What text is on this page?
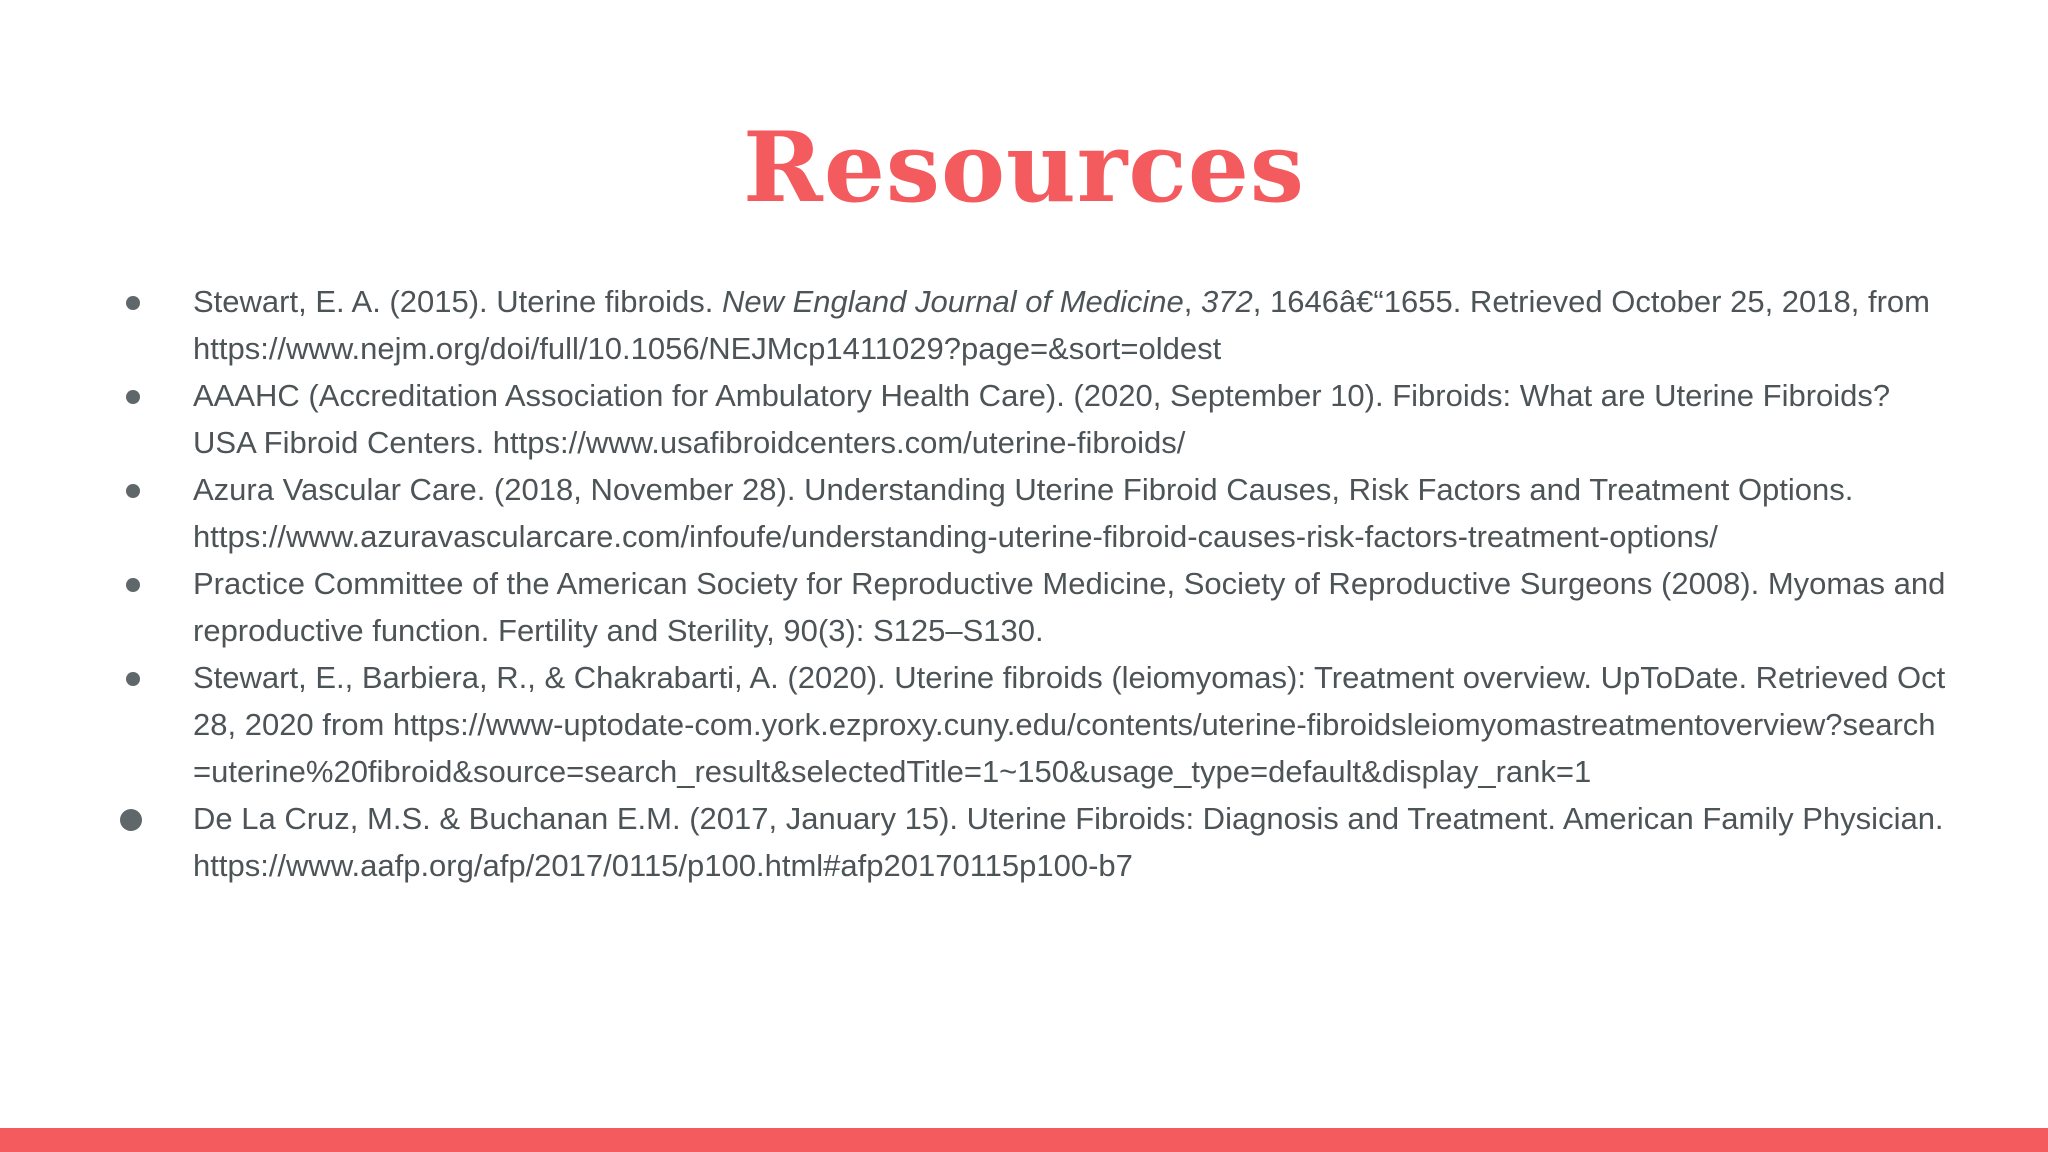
Resources
Stewart, E. A. (2015). Uterine fibroids. New England Journal of Medicine, 372, 1646â€“1655. Retrieved October 25, 2018, from https://www.nejm.org/doi/full/10.1056/NEJMcp1411029?page=&sort=oldest
AAAHC (Accreditation Association for Ambulatory Health Care). (2020, September 10). Fibroids: What are Uterine Fibroids? USA Fibroid Centers. https://www.usafibroidcenters.com/uterine-fibroids/
Azura Vascular Care. (2018, November 28). Understanding Uterine Fibroid Causes, Risk Factors and Treatment Options. https://www.azuravascularcare.com/infoufe/understanding-uterine-fibroid-causes-risk-factors-treatment-options/
Practice Committee of the American Society for Reproductive Medicine, Society of Reproductive Surgeons (2008). Myomas and reproductive function. Fertility and Sterility, 90(3): S125–S130.
Stewart, E., Barbiera, R., & Chakrabarti, A. (2020). Uterine fibroids (leiomyomas): Treatment overview. UpToDate. Retrieved Oct 28, 2020 from https://www-uptodate-com.york.ezproxy.cuny.edu/contents/uterine-fibroidsleiomyomastreatmentoverview?search=uterine%20fibroid&source=search_result&selectedTitle=1~150&usage_type=default&display_rank=1
De La Cruz, M.S. & Buchanan E.M. (2017, January 15). Uterine Fibroids: Diagnosis and Treatment. American Family Physician. https://www.aafp.org/afp/2017/0115/p100.html#afp20170115p100-b7
